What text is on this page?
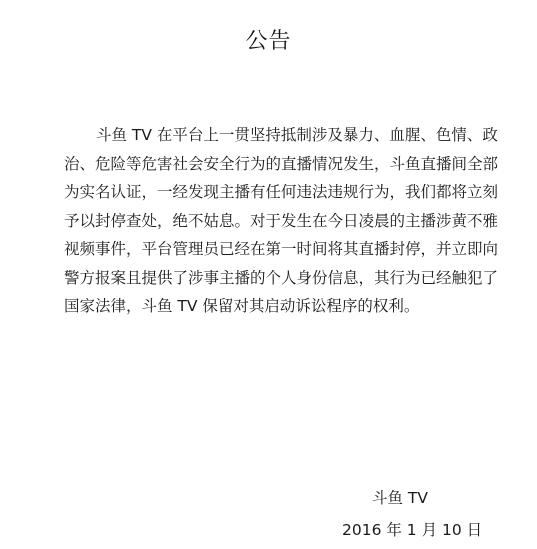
公告
斗鱼 TV 在平台上一贯坚持抵制涉及暴力、血腥、色情、政
治、危险等危害社会安全行为的直播情况发生，斗鱼直播间全部
为实名认证，一经发现主播有任何违法违规行为，我们都将立刻
予以封停查处，绝不姑息。对于发生在今日凌晨的主播涉黄不雅
视频事件，平台管理员已经在第一时间将其直播封停，并立即向
警方报案且提供了涉事主播的个人身份信息，其行为已经触犯了
国家法律，斗鱼 TV 保留对其启动诉讼程序的权利。
斗鱼 TV
2016 年 1 月 10 日
